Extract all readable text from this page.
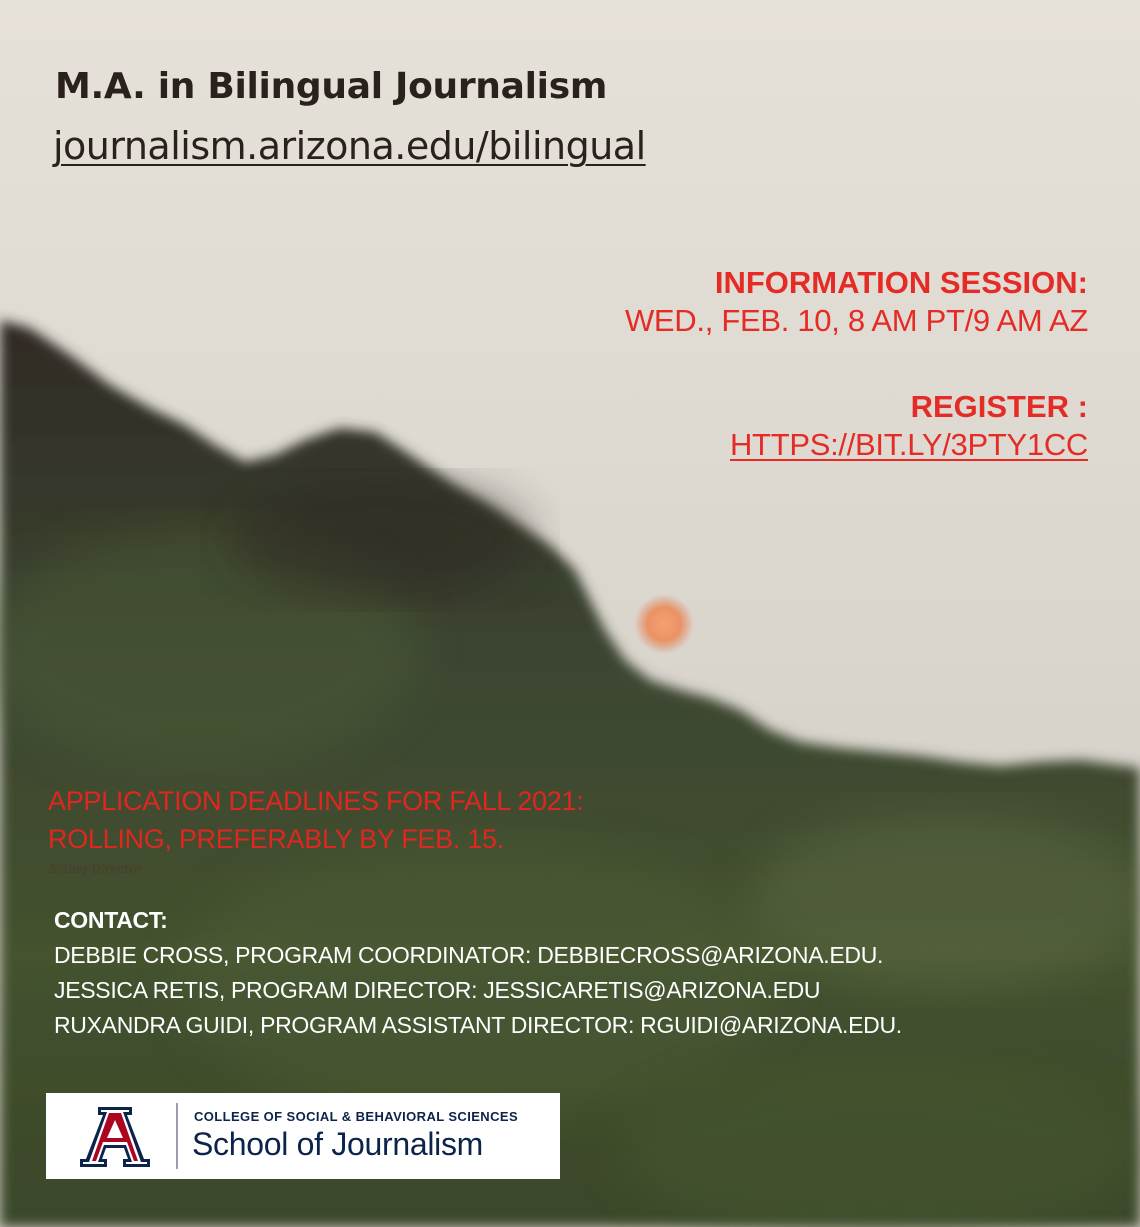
M.A. in Bilingual Journalism
journalism.arizona.edu/bilingual
INFORMATION SESSION:
WED., FEB. 10, 8 AM PT/9 AM AZ
REGISTER :
HTTPS://BIT.LY/3PTY1CC
APPLICATION DEADLINES FOR FALL 2021:
ROLLING, PREFERABLY BY FEB. 15.
Acting Director
CONTACT:
DEBBIE CROSS, PROGRAM COORDINATOR: DEBBIECROSS@ARIZONA.EDU.
JESSICA RETIS, PROGRAM DIRECTOR: JESSICARETIS@ARIZONA.EDU
RUXANDRA GUIDI, PROGRAM ASSISTANT DIRECTOR: RGUIDI@ARIZONA.EDU.
COLLEGE OF SOCIAL & BEHAVIORAL SCIENCES
School of Journalism
